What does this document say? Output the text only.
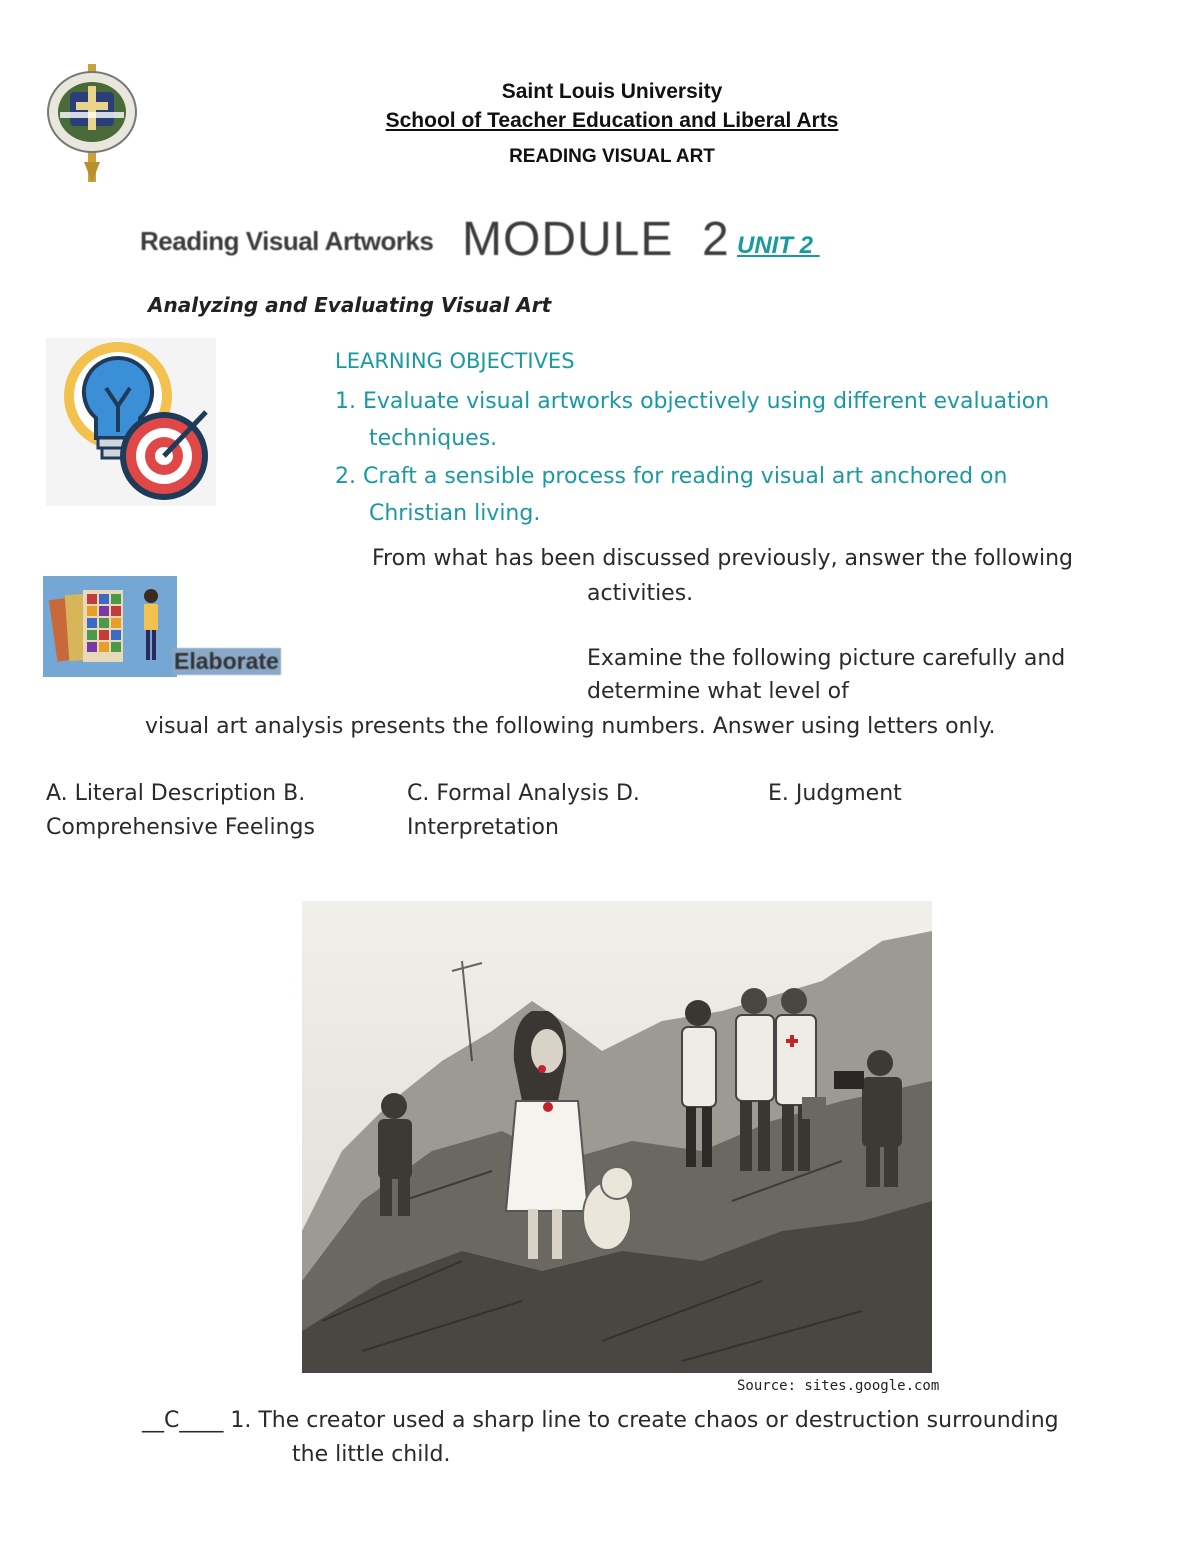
Saint Louis University
School of Teacher Education and Liberal Arts
READING VISUAL ART
Reading Visual Artworks MODULE  2 UNIT 2
Analyzing and Evaluating Visual Art
LEARNING OBJECTIVES
1. Evaluate visual artworks objectively using different evaluation
techniques.
2. Craft a sensible process for reading visual art anchored on
Christian living.
Elaborate
From what has been discussed previously, answer the following
activities.
Examine the following picture carefully and
determine what level of
visual art analysis presents the following numbers. Answer using letters only.
A. Literal Description B.
Comprehensive Feelings
C. Formal Analysis D.
Interpretation
E. Judgment
Source: sites.google.com
__C____ 1. The creator used a sharp line to create chaos or destruction surrounding
the little child.
